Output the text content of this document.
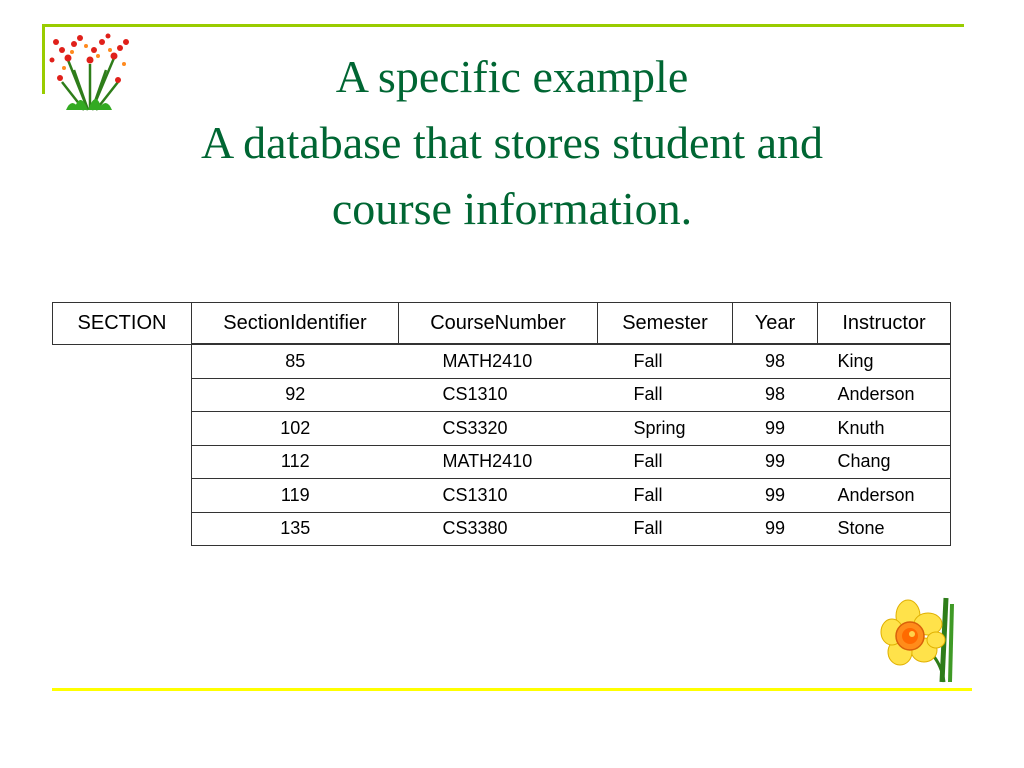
A specific example
A database that stores student and
course information.
SECTION	SectionIdentifier	CourseNumber	Semester	Year	Instructor
	85	MATH2410	Fall	98	King
	92	CS1310	Fall	98	Anderson
	102	CS3320	Spring	99	Knuth
	112	MATH2410	Fall	99	Chang
	119	CS1310	Fall	99	Anderson
	135	CS3380	Fall	99	Stone
